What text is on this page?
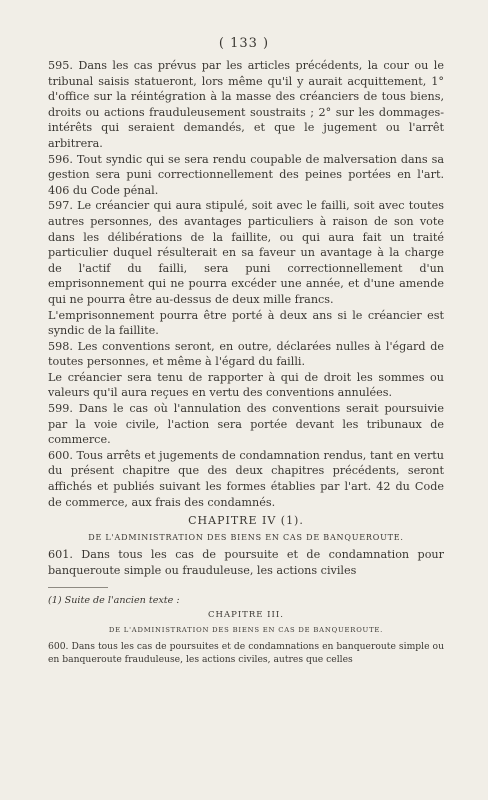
( 133 )

595. Dans les cas prévus par les articles précédents, la cour ou le tribunal saisis statueront, lors même qu'il y aurait acquittement, 1° d'office sur la réintégration à la masse des créanciers de tous biens, droits ou actions frauduleusement soustraits ; 2° sur les dommages-intérêts qui seraient demandés, et que le jugement ou l'arrêt arbitrera.

596. Tout syndic qui se sera rendu coupable de malversation dans sa gestion sera puni correctionnellement des peines portées en l'art. 406 du Code pénal.

597. Le créancier qui aura stipulé, soit avec le failli, soit avec toutes autres personnes, des avantages particuliers à raison de son vote dans les délibérations de la faillite, ou qui aura fait un traité particulier duquel résulterait en sa faveur un avantage à la charge de l'actif du failli, sera puni correctionnellement d'un emprisonnement qui ne pourra excéder une année, et d'une amende qui ne pourra être au-dessus de deux mille francs.

L'emprisonnement pourra être porté à deux ans si le créancier est syndic de la faillite.

598. Les conventions seront, en outre, déclarées nulles à l'égard de toutes personnes, et même à l'égard du failli.

Le créancier sera tenu de rapporter à qui de droit les sommes ou valeurs qu'il aura reçues en vertu des conventions annulées.

599. Dans le cas où l'annulation des conventions serait poursuivie par la voie civile, l'action sera portée devant les tribunaux de commerce.

600. Tous arrêts et jugements de condamnation rendus, tant en vertu du présent chapitre que des deux chapitres précédents, seront affichés et publiés suivant les formes établies par l'art. 42 du Code de commerce, aux frais des condamnés.

CHAPITRE IV (1).
DE L'ADMINISTRATION DES BIENS EN CAS DE BANQUEROUTE.

601. Dans tous les cas de poursuite et de condamnation pour banqueroute simple ou frauduleuse, les actions civiles

(1) Suite de l'ancien texte :
CHAPITRE III.
DE L'ADMINISTRATION DES BIENS EN CAS DE BANQUEROUTE.
600. Dans tous les cas de poursuites et de condamnations en banqueroute simple ou en banqueroute frauduleuse, les actions civiles, autres que celles
